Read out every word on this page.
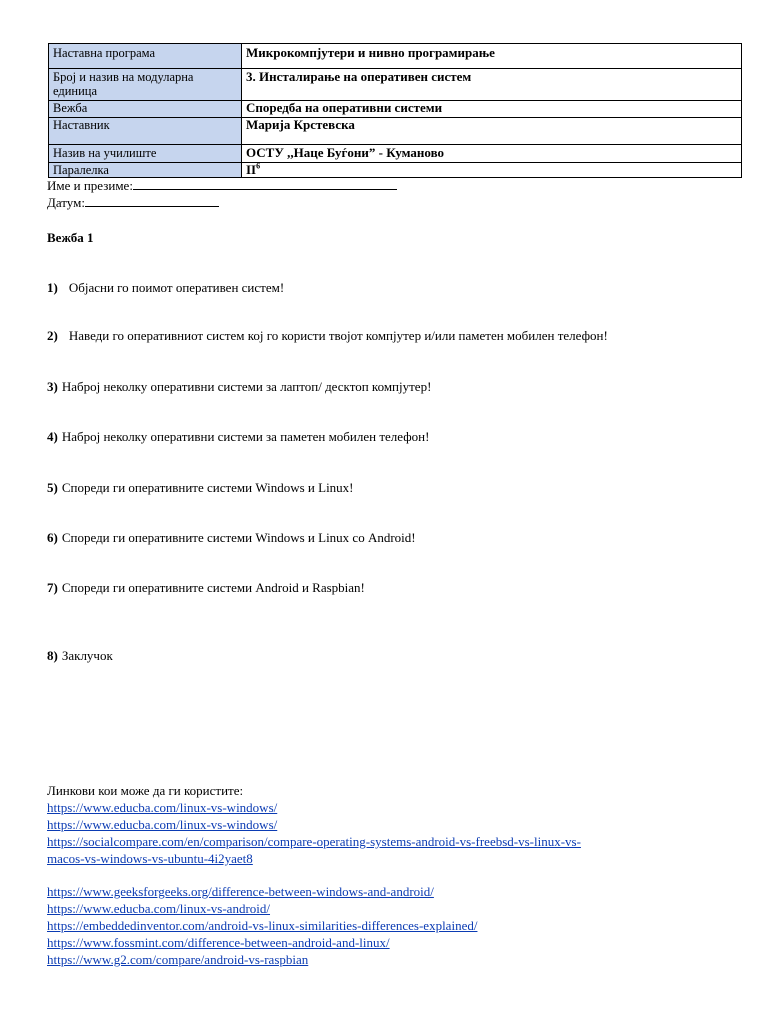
Наставна програма	Микрокомпјутери и нивно програмирање
Број и назив на модуларна единица	3. Инсталирање на оперативен систем
Вежба	Споредба на оперативни системи
Наставник	Марија Крстевска
Назив на училиште	ОСТУ ,,Наце Буѓони” - Куманово
Паралелка	$II^6$
Име и презиме:
Датум:
Вежба 1
1) Објасни го поимот оперативен систем!
2) Наведи го оперативниот систем кој го користи твојот компјутер и/или паметен мобилен телефон!
3) Наброј неколку оперативни системи за лаптоп/ десктоп компјутер!
4) Наброј неколку оперативни системи за паметен мобилен телефон!
5) Спореди ги оперативните системи Windows и Linux!
6) Спореди ги оперативните системи Windows и Linux со Android!
7) Спореди ги оперативните системи Android и Raspbian!
8) Заклучок
Линкови кои може да ги користите:
https://www.educba.com/linux-vs-windows/
https://www.educba.com/linux-vs-windows/
https://socialcompare.com/en/comparison/compare-operating-systems-android-vs-freebsd-vs-linux-vs-
macos-vs-windows-vs-ubuntu-4i2yaet8
https://www.geeksforgeeks.org/difference-between-windows-and-android/
https://www.educba.com/linux-vs-android/
https://embeddedinventor.com/android-vs-linux-similarities-differences-explained/
https://www.fossmint.com/difference-between-android-and-linux/
https://www.g2.com/compare/android-vs-raspbian
